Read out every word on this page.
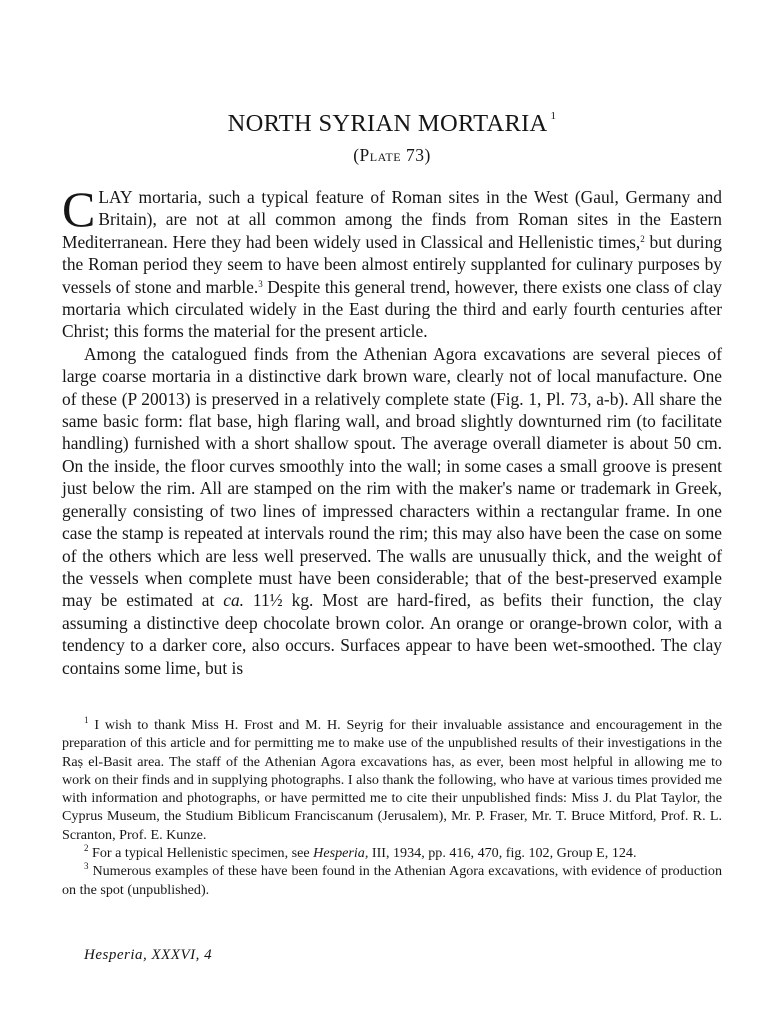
NORTH SYRIAN MORTARIA $^1$
(Plate 73)

CLAY mortaria, such a typical feature of Roman sites in the West (Gaul, Germany and Britain), are not at all common among the finds from Roman sites in the Eastern Mediterranean. Here they had been widely used in Classical and Hellenistic times,$^2$ but during the Roman period they seem to have been almost entirely supplanted for culinary purposes by vessels of stone and marble.$^3$ Despite this general trend, however, there exists one class of clay mortaria which circulated widely in the East during the third and early fourth centuries after Christ; this forms the material for the present article.

Among the catalogued finds from the Athenian Agora excavations are several pieces of large coarse mortaria in a distinctive dark brown ware, clearly not of local manufacture. One of these (P 20013) is preserved in a relatively complete state (Fig. 1, Pl. 73, a-b). All share the same basic form: flat base, high flaring wall, and broad slightly downturned rim (to facilitate handling) furnished with a short shallow spout. The average overall diameter is about 50 cm. On the inside, the floor curves smoothly into the wall; in some cases a small groove is present just below the rim. All are stamped on the rim with the maker's name or trademark in Greek, generally consisting of two lines of impressed characters within a rectangular frame. In one case the stamp is repeated at intervals round the rim; this may also have been the case on some of the others which are less well preserved. The walls are unusually thick, and the weight of the vessels when complete must have been considerable; that of the best-preserved example may be estimated at ca. 11½ kg. Most are hard-fired, as befits their function, the clay assuming a distinctive deep chocolate brown color. An orange or orange-brown color, with a tendency to a darker core, also occurs. Surfaces appear to have been wet-smoothed. The clay contains some lime, but is

$^1$ I wish to thank Miss H. Frost and M. H. Seyrig for their invaluable assistance and encouragement in the preparation of this article and for permitting me to make use of the unpublished results of their investigations in the Raṣ el-Basit area. The staff of the Athenian Agora excavations has, as ever, been most helpful in allowing me to work on their finds and in supplying photographs. I also thank the following, who have at various times provided me with information and photographs, or have permitted me to cite their unpublished finds: Miss J. du Plat Taylor, the Cyprus Museum, the Studium Biblicum Franciscanum (Jerusalem), Mr. P. Fraser, Mr. T. Bruce Mitford, Prof. R. L. Scranton, Prof. E. Kunze.

$^2$ For a typical Hellenistic specimen, see Hesperia, III, 1934, pp. 416, 470, fig. 102, Group E, 124.

$^3$ Numerous examples of these have been found in the Athenian Agora excavations, with evidence of production on the spot (unpublished).

Hesperia, XXXVI, 4
